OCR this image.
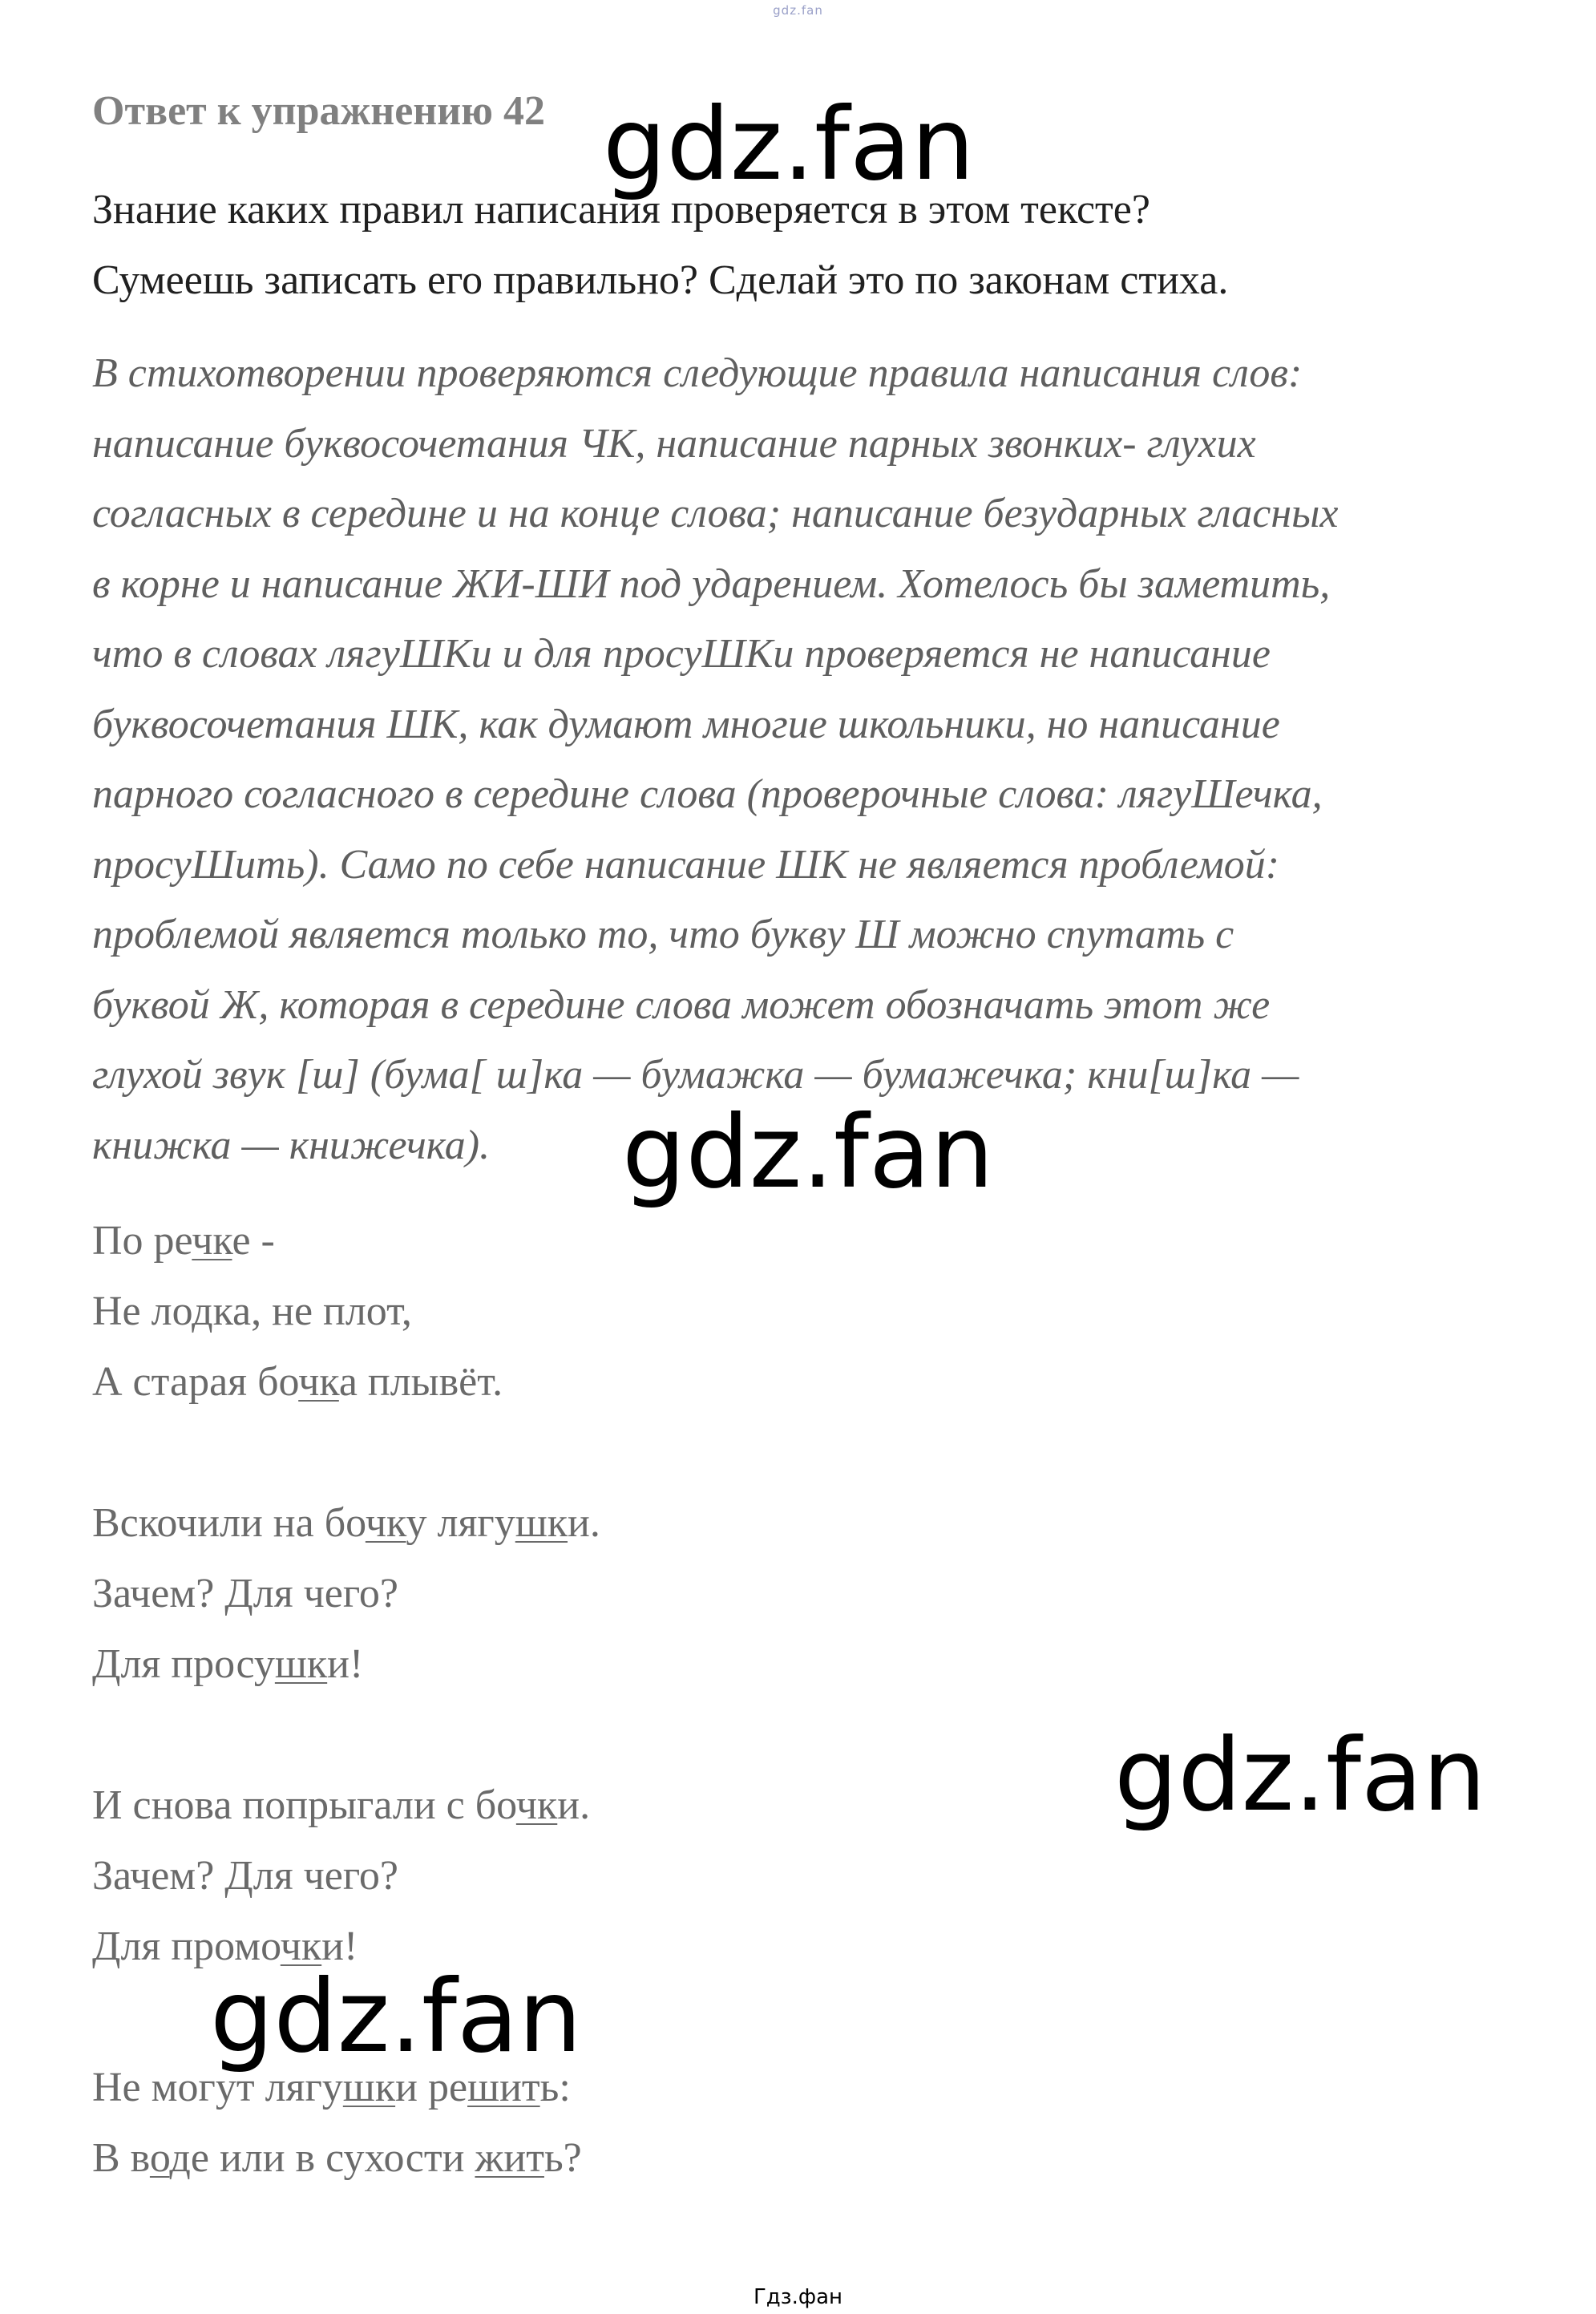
gdz.fan
Ответ к упражнению 42

Знание каких правил написания проверяется в этом тексте?

Сумеешь записать его правильно? Сделай это по законам стиха.

В стихотворении проверяются следующие правила написания слов:

написание буквосочетания ЧК, написание парных звонких- глухих

согласных в середине и на конце слова; написание безударных гласных

в корне и написание ЖИ-ШИ под ударением. Хотелось бы заметить,

что в словах лягуШКи и для просуШКи проверяется не написание

буквосочетания ШК, как думают многие школьники, но написание

парного согласного в середине слова (проверочные слова: лягуШечка,

просуШить). Само по себе написание ШК не является проблемой:

проблемой является только то, что букву Ш можно спутать с

буквой Ж, которая в середине слова может обозначать этот же

глухой звук [ш] (бума[ ш]ка — бумажка — бумажечка; кни[ш]ка —

книжка — книжечка).

По речке -

Не лодка, не плот,

А старая бочка плывёт.

Вскочили на бочку лягушки.

Зачем? Для чего?

Для просушки!

И снова попрыгали с бочки.

Зачем? Для чего?

Для промочки!

Не могут лягушки решить:

В воде или в сухости жить?

gdz.fan
gdz.fan
gdz.fan
gdz.fan
Гдз.фан
